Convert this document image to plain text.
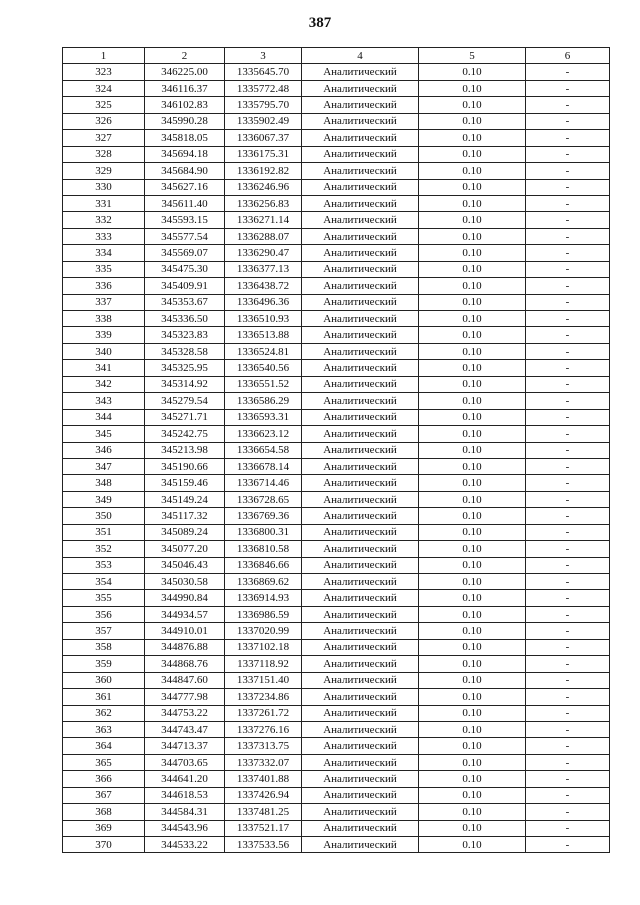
387
1	2	3	4	5	6
323	346225.00	1335645.70	Аналитический	0.10	-
324	346116.37	1335772.48	Аналитический	0.10	-
325	346102.83	1335795.70	Аналитический	0.10	-
326	345990.28	1335902.49	Аналитический	0.10	-
327	345818.05	1336067.37	Аналитический	0.10	-
328	345694.18	1336175.31	Аналитический	0.10	-
329	345684.90	1336192.82	Аналитический	0.10	-
330	345627.16	1336246.96	Аналитический	0.10	-
331	345611.40	1336256.83	Аналитический	0.10	-
332	345593.15	1336271.14	Аналитический	0.10	-
333	345577.54	1336288.07	Аналитический	0.10	-
334	345569.07	1336290.47	Аналитический	0.10	-
335	345475.30	1336377.13	Аналитический	0.10	-
336	345409.91	1336438.72	Аналитический	0.10	-
337	345353.67	1336496.36	Аналитический	0.10	-
338	345336.50	1336510.93	Аналитический	0.10	-
339	345323.83	1336513.88	Аналитический	0.10	-
340	345328.58	1336524.81	Аналитический	0.10	-
341	345325.95	1336540.56	Аналитический	0.10	-
342	345314.92	1336551.52	Аналитический	0.10	-
343	345279.54	1336586.29	Аналитический	0.10	-
344	345271.71	1336593.31	Аналитический	0.10	-
345	345242.75	1336623.12	Аналитический	0.10	-
346	345213.98	1336654.58	Аналитический	0.10	-
347	345190.66	1336678.14	Аналитический	0.10	-
348	345159.46	1336714.46	Аналитический	0.10	-
349	345149.24	1336728.65	Аналитический	0.10	-
350	345117.32	1336769.36	Аналитический	0.10	-
351	345089.24	1336800.31	Аналитический	0.10	-
352	345077.20	1336810.58	Аналитический	0.10	-
353	345046.43	1336846.66	Аналитический	0.10	-
354	345030.58	1336869.62	Аналитический	0.10	-
355	344990.84	1336914.93	Аналитический	0.10	-
356	344934.57	1336986.59	Аналитический	0.10	-
357	344910.01	1337020.99	Аналитический	0.10	-
358	344876.88	1337102.18	Аналитический	0.10	-
359	344868.76	1337118.92	Аналитический	0.10	-
360	344847.60	1337151.40	Аналитический	0.10	-
361	344777.98	1337234.86	Аналитический	0.10	-
362	344753.22	1337261.72	Аналитический	0.10	-
363	344743.47	1337276.16	Аналитический	0.10	-
364	344713.37	1337313.75	Аналитический	0.10	-
365	344703.65	1337332.07	Аналитический	0.10	-
366	344641.20	1337401.88	Аналитический	0.10	-
367	344618.53	1337426.94	Аналитический	0.10	-
368	344584.31	1337481.25	Аналитический	0.10	-
369	344543.96	1337521.17	Аналитический	0.10	-
370	344533.22	1337533.56	Аналитический	0.10	-
